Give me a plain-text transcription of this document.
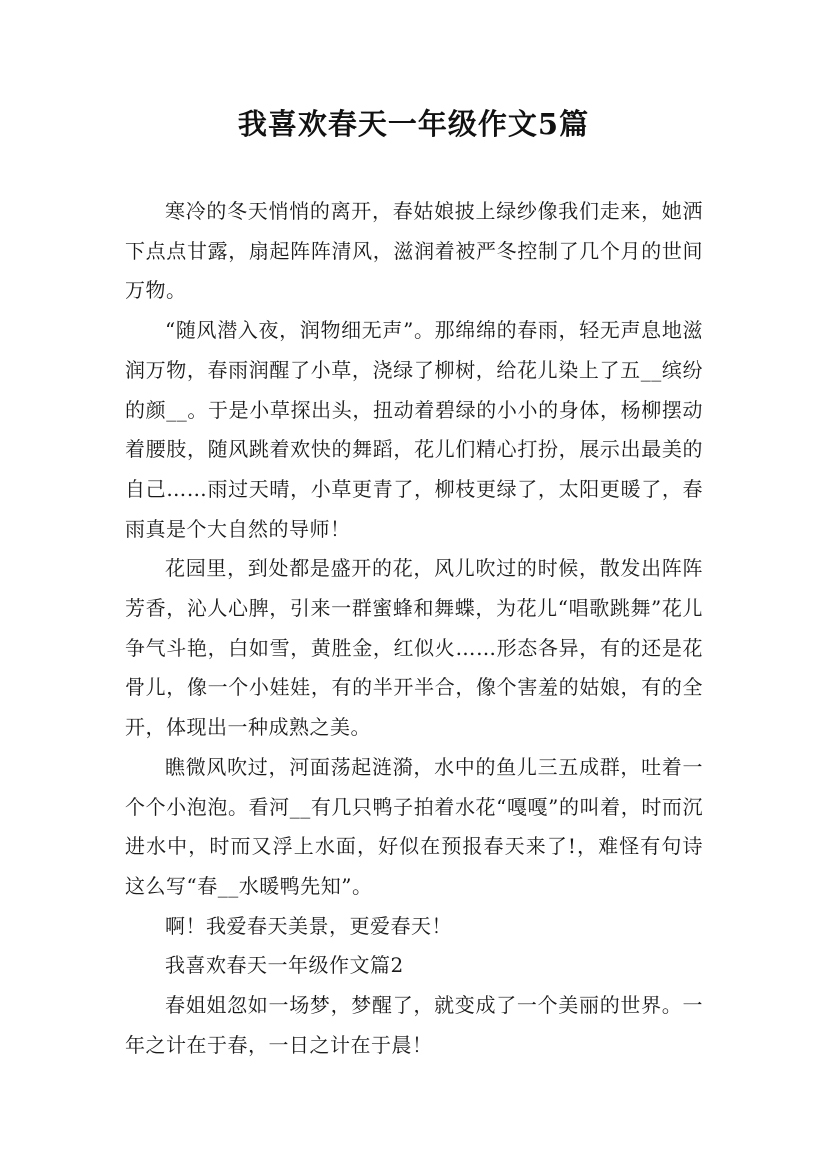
我喜欢春天一年级作文5篇

寒冷的冬天悄悄的离开，春姑娘披上绿纱像我们走来，她洒下点点甘露，扇起阵阵清风，滋润着被严冬控制了几个月的世间万物。

“随风潜入夜，润物细无声”。那绵绵的春雨，轻无声息地滋润万物，春雨润醒了小草，浇绿了柳树，给花儿染上了五__缤纷的颜__。于是小草探出头，扭动着碧绿的小小的身体，杨柳摆动着腰肢，随风跳着欢快的舞蹈，花儿们精心打扮，展示出最美的自己……雨过天晴，小草更青了，柳枝更绿了，太阳更暖了，春雨真是个大自然的导师！

花园里，到处都是盛开的花，风儿吹过的时候，散发出阵阵芳香，沁人心脾，引来一群蜜蜂和舞蝶，为花儿“唱歌跳舞”花儿争气斗艳，白如雪，黄胜金，红似火……形态各异，有的还是花骨儿，像一个小娃娃，有的半开半合，像个害羞的姑娘，有的全开，体现出一种成熟之美。

瞧微风吹过，河面荡起涟漪，水中的鱼儿三五成群，吐着一个个小泡泡。看河__有几只鸭子拍着水花“嘎嘎”的叫着，时而沉进水中，时而又浮上水面，好似在预报春天来了!，难怪有句诗这么写“春__水暖鸭先知”。

啊！我爱春天美景，更爱春天！

我喜欢春天一年级作文篇2

春姐姐忽如一场梦，梦醒了，就变成了一个美丽的世界。一年之计在于春，一日之计在于晨！
